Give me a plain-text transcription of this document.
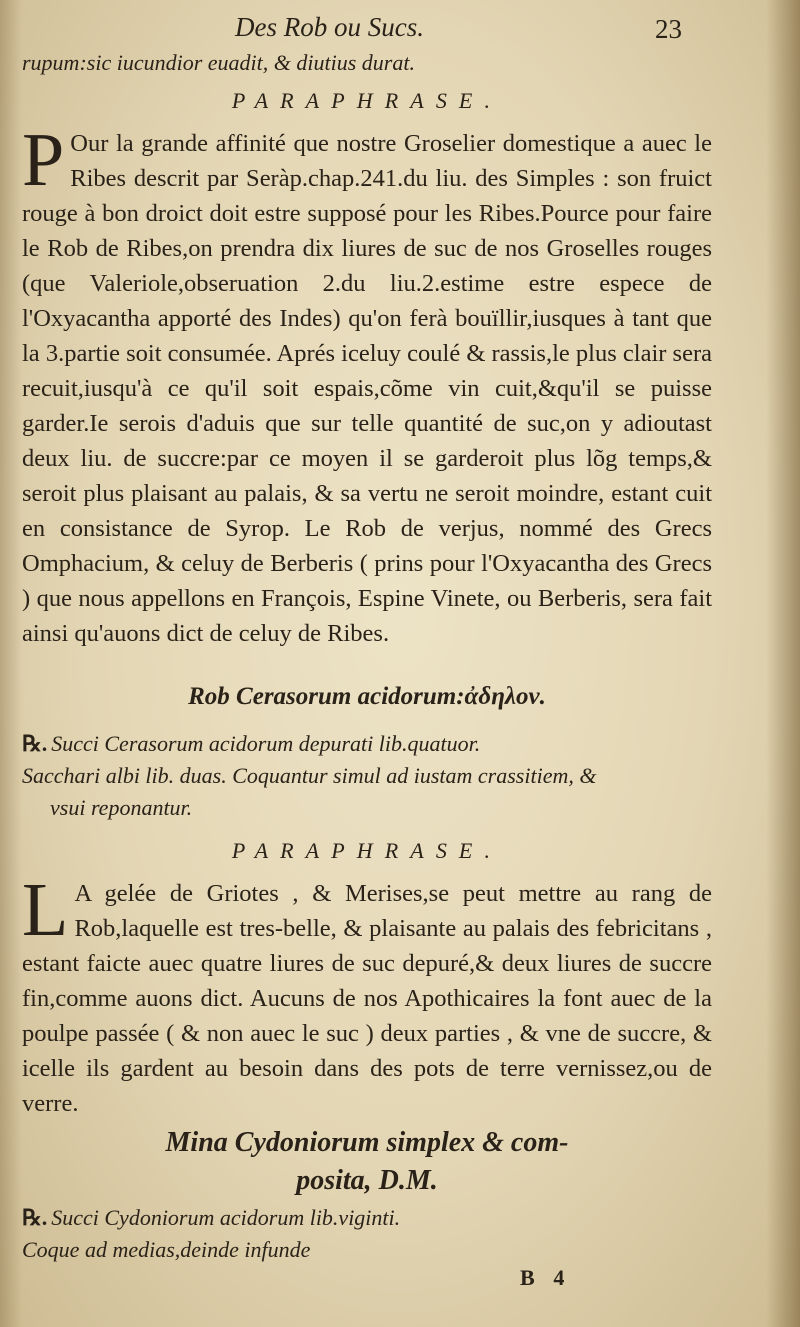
Des Rob ou Sucs.	23
rupum:sic iucundior euadit, & diutius durat.
PARAPHRASE.

P Our la grande affinité que nostre Groselier domestique a auec le Ribes descrit par Seràp.chap.241.du liu. des Simples : son fruict rouge à bon droict doit estre supposé pour les Ribes.Pource pour faire le Rob de Ribes,on prendra dix liures de suc de nos Groselles rouges (que Valeriole,obseruation 2.du liu.2.estime estre espece de l'Oxyacantha apporté des Indes) qu'on ferà bouïllir,iusques à tant que la 3.partie soit consumée. Aprés iceluy coulé & rassis,le plus clair sera recuit,iusqu'à ce qu'il soit espais,cõme vin cuit,&qu'il se puisse garder.Ie serois d'aduis que sur telle quantité de suc,on y adioutast deux liu. de succre:par ce moyen il se garderoit plus lõg temps,& seroit plus plaisant au palais, & sa vertu ne seroit moindre, estant cuit en consistance de Syrop. Le Rob de verjus, nommé des Grecs Omphacium, & celuy de Berberis ( prins pour l'Oxyacantha des Grecs ) que nous appellons en François, Espine Vinete, ou Berberis, sera fait ainsi qu'auons dict de celuy de Ribes.

Rob Cerasorum acidorum:ἀδηλον.
℞. Succi Cerasorum acidorum depurati lib.quatuor.
Sacchari albi lib. duas. Coquantur simul ad iustam crassitiem, &
vsui reponantur.
PARAPHRASE.

L A gelée de Griotes , & Merises,se peut mettre au rang de Rob,laquelle est tres-belle, & plaisante au palais des febricitans , estant faicte auec quatre liures de suc depuré,& deux liures de succre fin,comme auons dict. Aucuns de nos Apothicaires la font auec de la poulpe passée ( & non auec le suc ) deux parties , & vne de succre, & icelle ils gardent au besoin dans des pots de terre vernissez,ou de verre.

Mina Cydoniorum simplex & com-
posita, D.M.
℞. Succi Cydoniorum acidorum lib.viginti.
Coque ad medias,deinde infunde
B 4
